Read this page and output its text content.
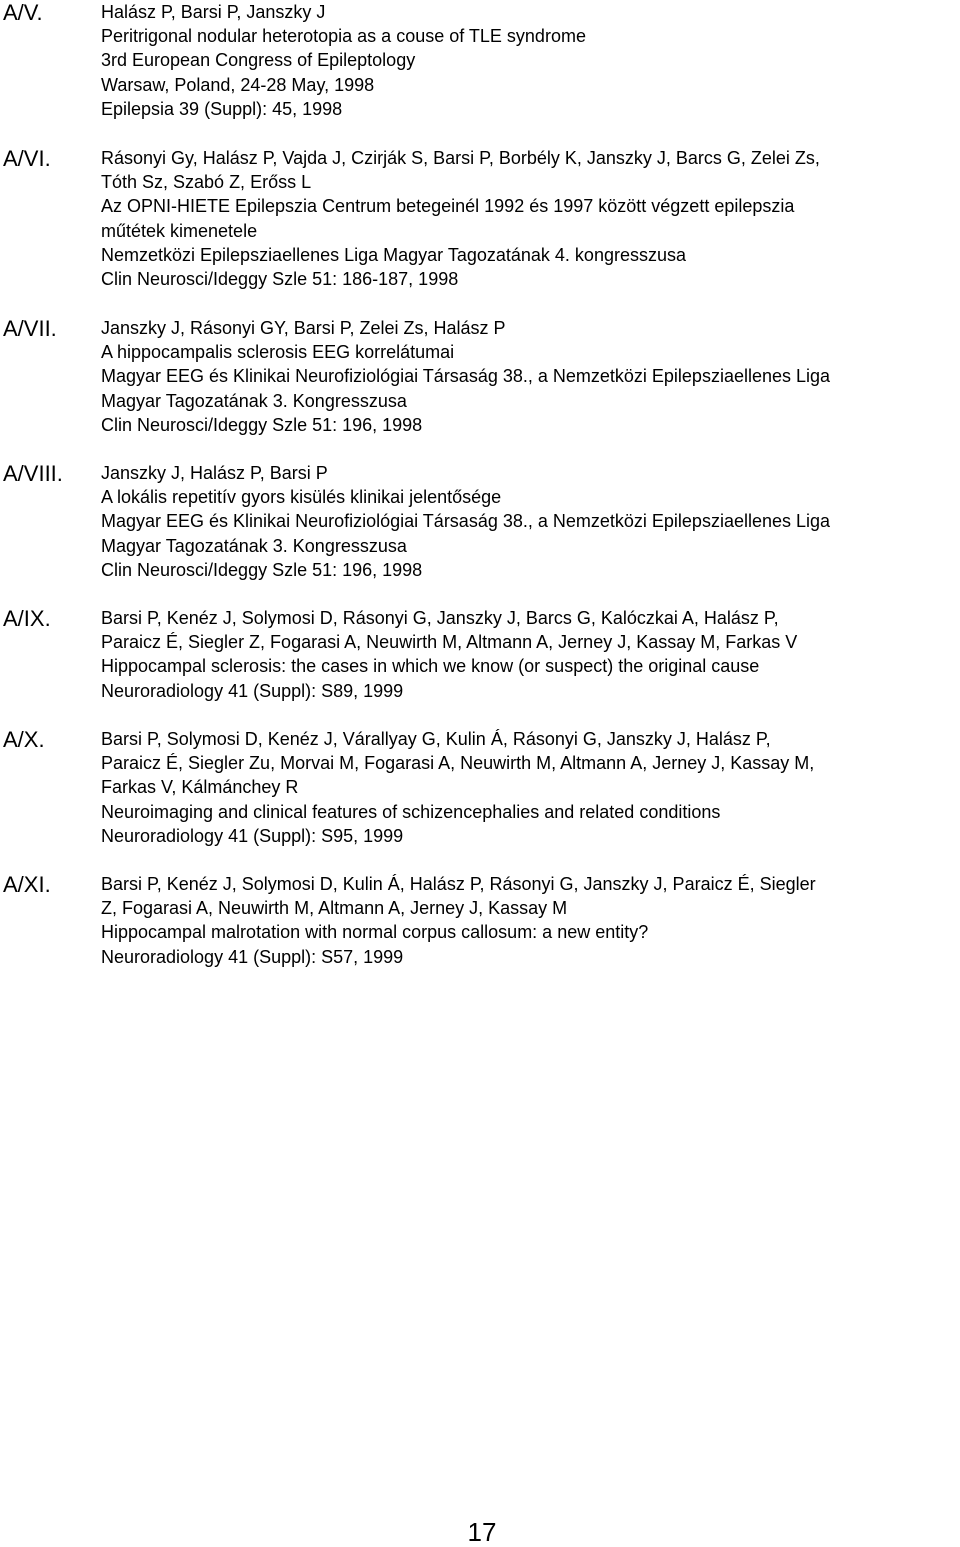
A/V.	Halász P, Barsi P, Janszky J
Peritrigonal nodular heterotopia as a couse of TLE syndrome
3rd European Congress of Epileptology
Warsaw, Poland, 24-28 May, 1998
Epilepsia 39 (Suppl): 45, 1998
A/VI.	Rásonyi Gy, Halász P, Vajda J, Czirják S, Barsi P, Borbély K, Janszky J, Barcs G, Zelei Zs,
Tóth Sz, Szabó Z, Erőss L
Az OPNI-HIETE Epilepszia Centrum betegeinél 1992 és 1997 között végzett epilepszia
műtétek kimenetele
Nemzetközi Epilepsziaellenes Liga Magyar Tagozatának 4. kongresszusa
Clin Neurosci/Ideggy Szle 51: 186-187, 1998
A/VII. Janszky J, Rásonyi GY, Barsi P, Zelei Zs, Halász P
A hippocampalis sclerosis EEG korrelátumai
Magyar EEG és Klinikai Neurofiziológiai Társaság 38., a Nemzetközi Epilepsziaellenes Liga
Magyar Tagozatának 3. Kongresszusa
Clin Neurosci/Ideggy Szle 51: 196, 1998
A/VIII. Janszky J, Halász P, Barsi P
A lokális repetitív gyors kisülés klinikai jelentősége
Magyar EEG és Klinikai Neurofiziológiai Társaság 38., a Nemzetközi Epilepsziaellenes Liga
Magyar Tagozatának 3. Kongresszusa
Clin Neurosci/Ideggy Szle 51: 196, 1998
A/IX.	Barsi P, Kenéz J, Solymosi D, Rásonyi G, Janszky J, Barcs G, Kalóczkai A, Halász P,
Paraicz É, Siegler Z, Fogarasi A, Neuwirth M, Altmann A, Jerney J, Kassay M, Farkas V
Hippocampal sclerosis: the cases in which we know (or suspect) the original cause
Neuroradiology 41 (Suppl): S89, 1999
A/X.	Barsi P, Solymosi D, Kenéz J, Várallyay G, Kulin Á, Rásonyi G, Janszky J, Halász P,
Paraicz É, Siegler Zu, Morvai M, Fogarasi A, Neuwirth M, Altmann A, Jerney J, Kassay M,
Farkas V, Kálmánchey R
Neuroimaging and clinical features of schizencephalies and related conditions
Neuroradiology 41 (Suppl): S95, 1999
A/XI.	Barsi P, Kenéz J, Solymosi D, Kulin Á, Halász P, Rásonyi G, Janszky J, Paraicz É, Siegler
Z, Fogarasi A, Neuwirth M, Altmann A, Jerney J, Kassay M
Hippocampal malrotation with normal corpus callosum: a new entity?
Neuroradiology 41 (Suppl): S57, 1999
17
